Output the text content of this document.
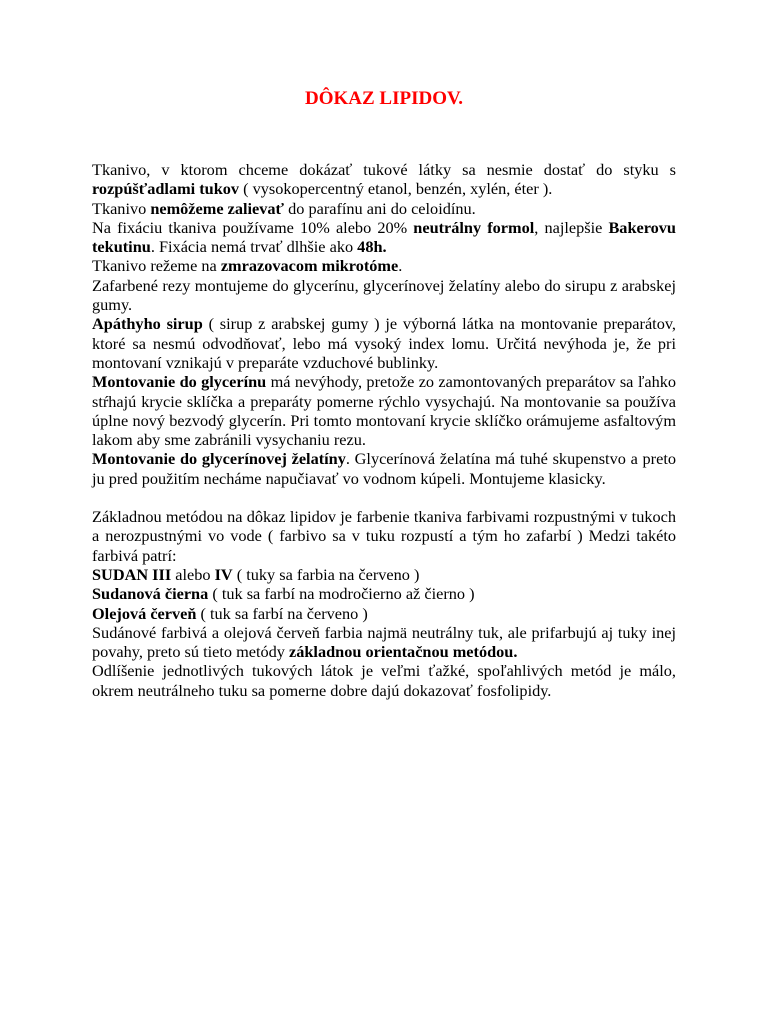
DÔKAZ LIPIDOV.

Tkanivo, v ktorom chceme dokázať tukové látky sa nesmie dostať do styku s rozpúšťadlami tukov ( vysokopercentný etanol, benzén, xylén, éter ).

Tkanivo nemôžeme zalievať do parafínu ani do celoidínu.

Na fixáciu tkaniva používame 10% alebo 20% neutrálny formol, najlepšie Bakerovu tekutinu. Fixácia nemá trvať dlhšie ako 48h.

Tkanivo režeme na zmrazovacom mikrotóme.

Zafarbené rezy montujeme do glycerínu, glycerínovej želatíny alebo do sirupu z arabskej gumy.

Apáthyho sirup ( sirup z arabskej gumy ) je výborná látka na montovanie preparátov, ktoré sa nesmú odvodňovať, lebo má vysoký index lomu. Určitá nevýhoda je, že pri montovaní vznikajú v preparáte vzduchové bublinky.

Montovanie do glycerínu má nevýhody, pretože zo zamontovaných preparátov sa ľahko stŕhajú krycie sklíčka a preparáty pomerne rýchlo vysychajú. Na montovanie sa používa úplne nový bezvodý glycerín. Pri tomto montovaní krycie sklíčko orámujeme asfaltovým lakom aby sme zabránili vysychaniu rezu.

Montovanie do glycerínovej želatíny. Glycerínová želatína má tuhé skupenstvo a preto ju pred použitím necháme napučiavať vo vodnom kúpeli. Montujeme klasicky.

Základnou metódou na dôkaz lipidov je farbenie tkaniva farbivami rozpustnými v tukoch a nerozpustnými vo vode ( farbivo sa v tuku rozpustí a tým ho zafarbí ) Medzi takéto farbivá patrí:

SUDAN III alebo IV ( tuky sa farbia na červeno )

Sudanová čierna ( tuk sa farbí na modročierno až čierno )

Olejová červeň ( tuk sa farbí na červeno )

Sudánové farbivá a olejová červeň farbia najmä neutrálny tuk, ale prifarbujú aj tuky inej povahy, preto sú tieto metódy základnou orientačnou metódou.

Odlíšenie jednotlivých tukových látok je veľmi ťažké, spoľahlivých metód je málo, okrem neutrálneho tuku sa pomerne dobre dajú dokazovať fosfolipidy.
